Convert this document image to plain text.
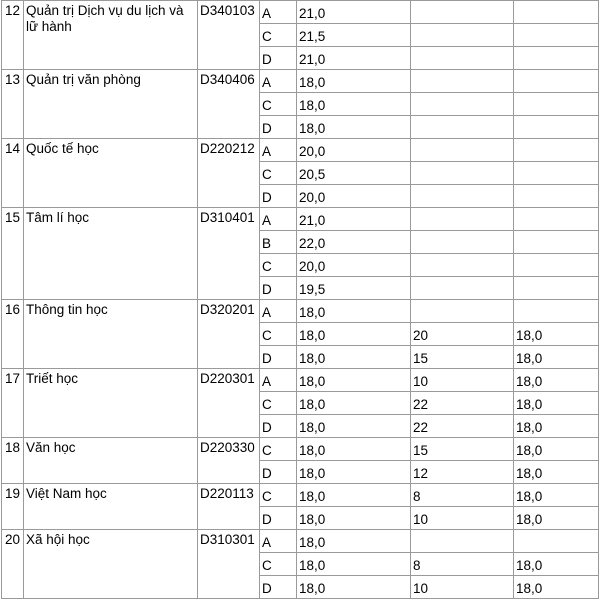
12	Quản trị Dịch vụ du lịch và lữ hành	D340103	A	21,0		
			C	21,5		
			D	21,0		
13	Quản trị văn phòng	D340406	A	18,0		
			C	18,0		
			D	18,0		
14	Quốc tế học	D220212	A	20,0		
			C	20,5		
			D	20,0		
15	Tâm lí học	D310401	A	21,0		
			B	22,0		
			C	20,0		
			D	19,5		
16	Thông tin học	D320201	A	18,0		
			C	18,0	20	18,0
			D	18,0	15	18,0
17	Triết học	D220301	A	18,0	10	18,0
			C	18,0	22	18,0
			D	18,0	22	18,0
18	Văn học	D220330	C	18,0	15	18,0
			D	18,0	12	18,0
19	Việt Nam học	D220113	C	18,0	8	18,0
			D	18,0	10	18,0
20	Xã hội học	D310301	A	18,0		
			C	18,0	8	18,0
			D	18,0	10	18,0
